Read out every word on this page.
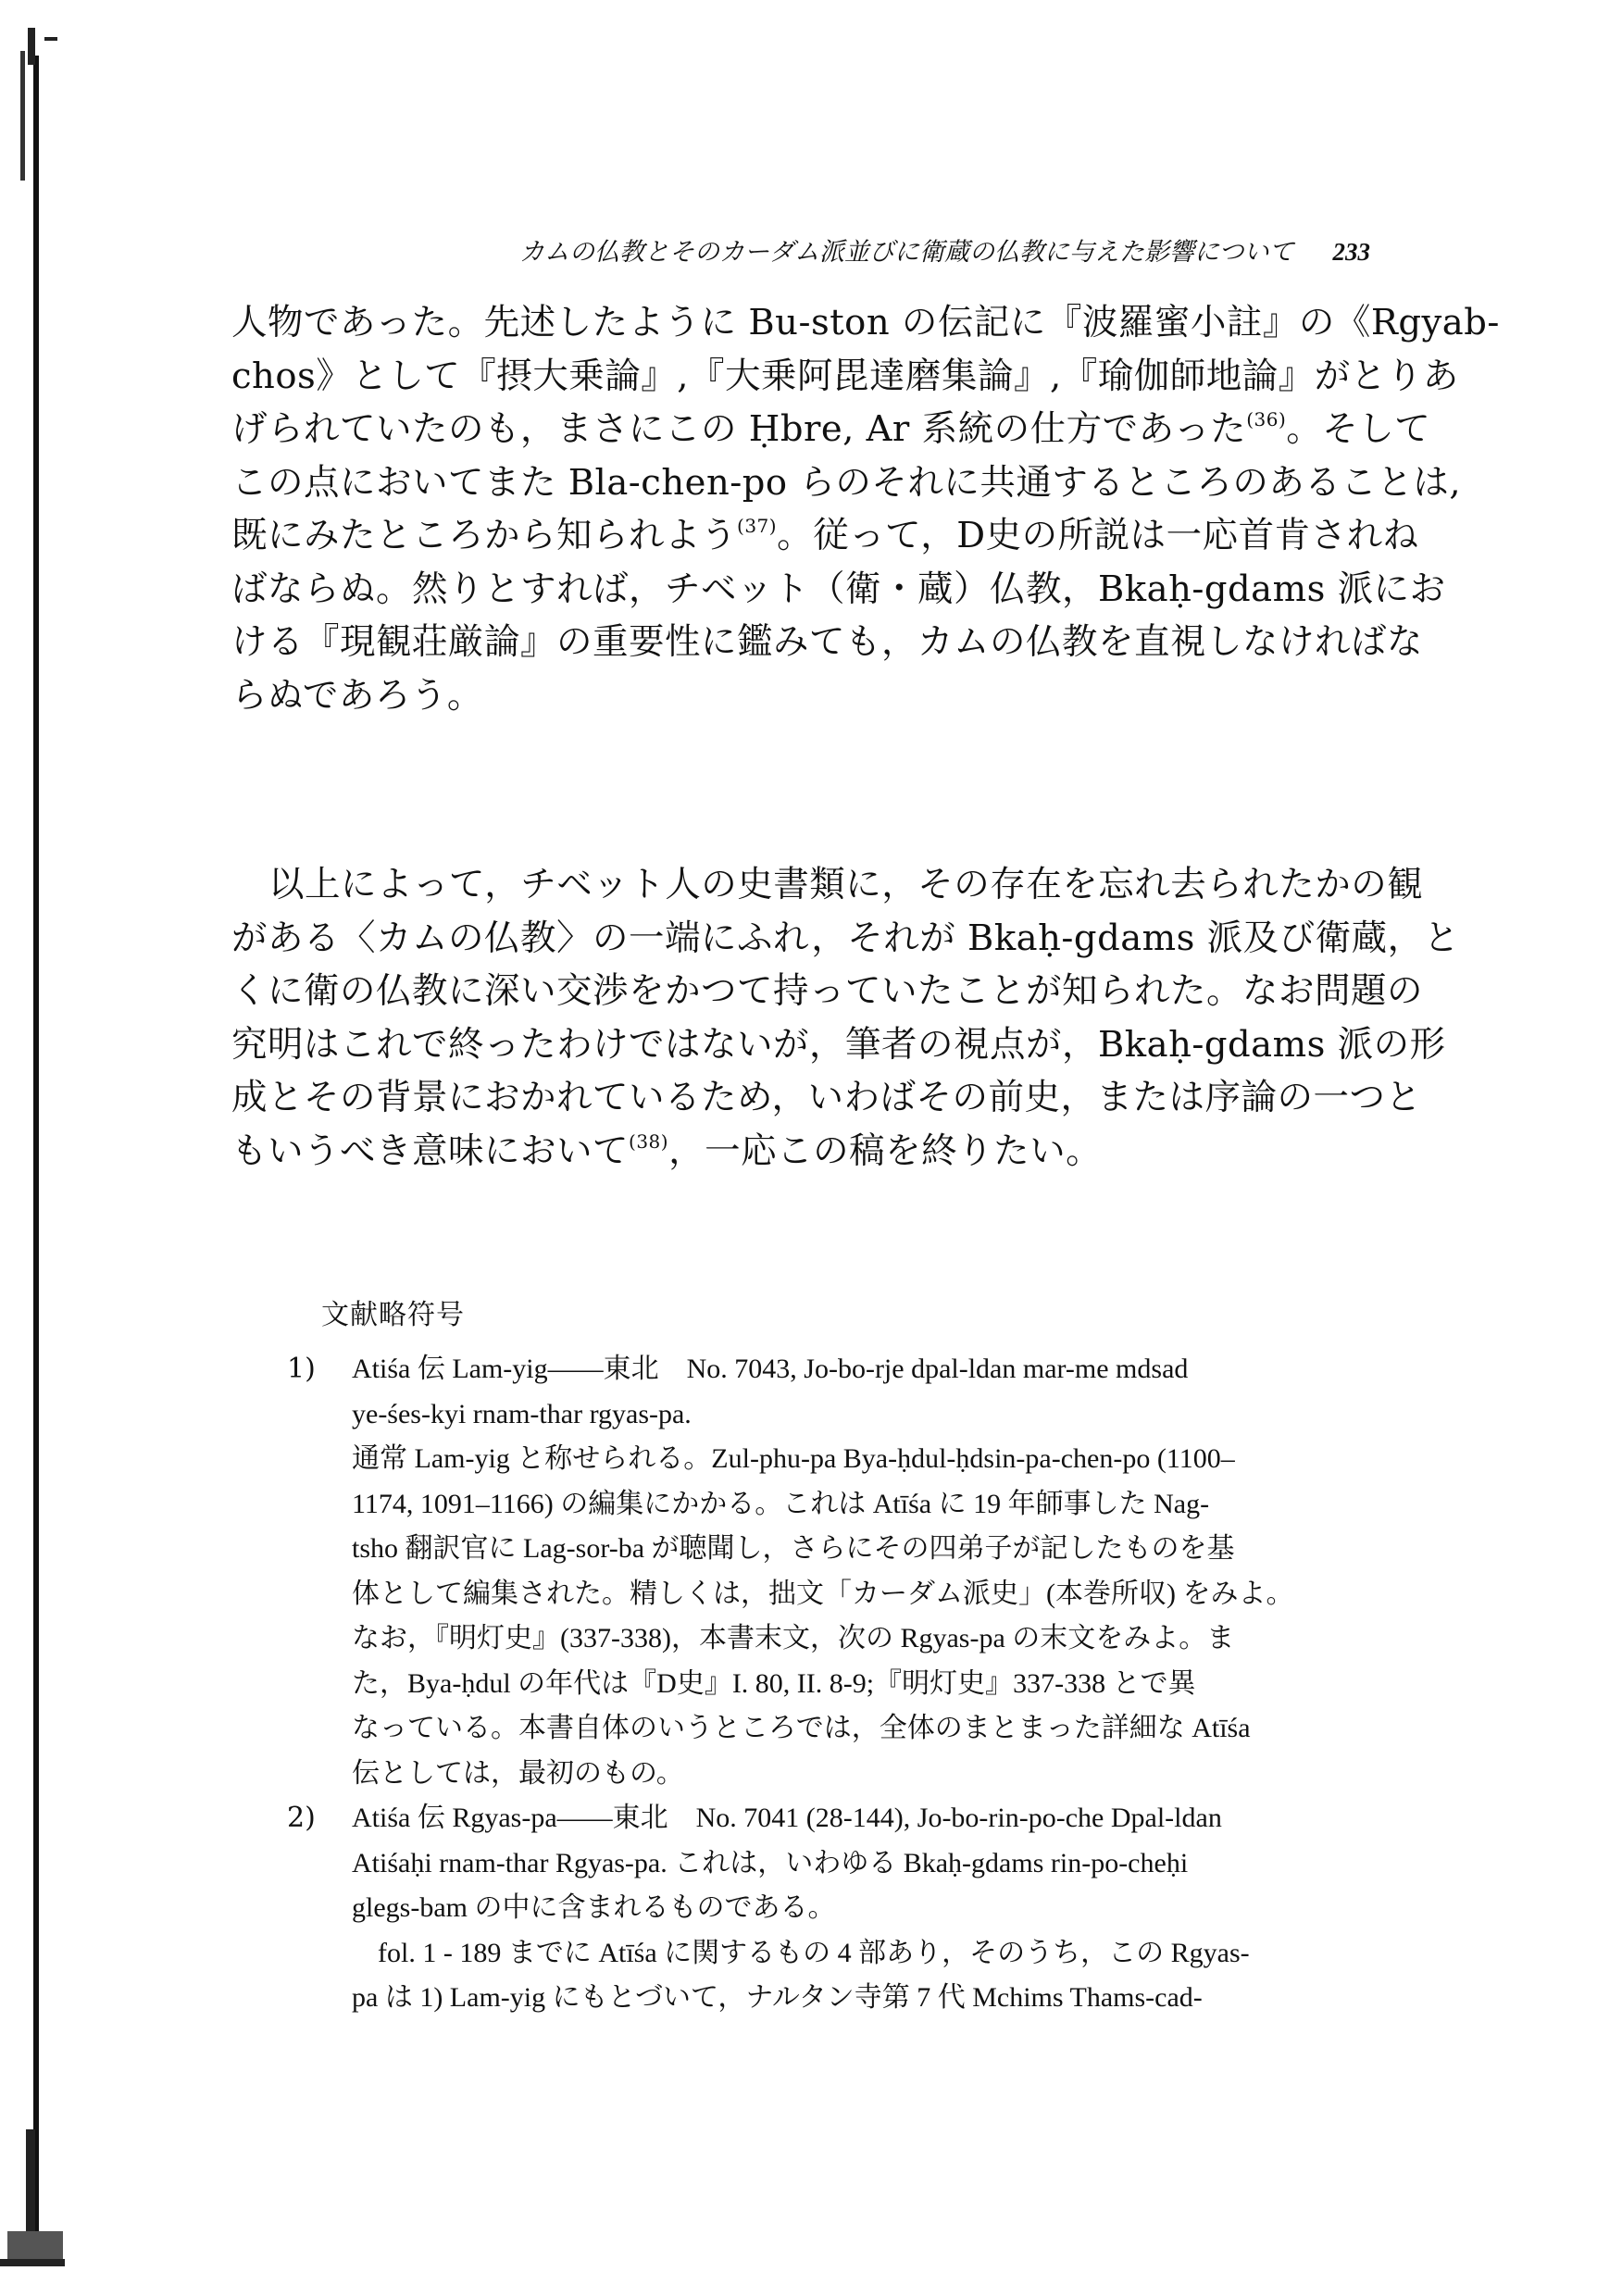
カムの仏教とそのカーダム派並びに衛蔵の仏教に与えた影響について 233

人物であった。先述したように Bu-ston の伝記に『波羅蜜小註』の《Rgyab-

chos》として『摂大乗論』,『大乗阿毘達磨集論』,『瑜伽師地論』がとりあ

げられていたのも，まさにこの Ḥbre, Ar 系統の仕方であった$^{(36)}$。そして

この点においてまた Bla-chen-po らのそれに共通するところのあることは,

既にみたところから知られよう$^{(37)}$。従って，D史の所説は一応首肯されね

ばならぬ。然りとすれば，チベット（衛・蔵）仏教，Bkaḥ-gdams 派にお

ける『現観荘厳論』の重要性に鑑みても，カムの仏教を直視しなければな

らぬであろう。

以上によって，チベット人の史書類に，その存在を忘れ去られたかの観

がある〈カムの仏教〉の一端にふれ，それが Bkaḥ-gdams 派及び衛蔵，と

くに衛の仏教に深い交渉をかつて持っていたことが知られた。なお問題の

究明はこれで終ったわけではないが，筆者の視点が，Bkaḥ-gdams 派の形

成とその背景におかれているため，いわばその前史，または序論の一つと

もいうべき意味において$^{(38)}$，一応この稿を終りたい。

文献略符号
1) Atiśa 伝 Lam-yig——東北　No. 7043, Jo-bo-rje dpal-ldan mar-me mdsad

ye-śes-kyi rnam-thar rgyas-pa.

通常 Lam-yig と称せられる。Zul-phu-pa Bya-ḥdul-ḥdsin-pa-chen-po (1100–

1174, 1091–1166) の編集にかかる。これは Atīśa に 19 年師事した Nag-

tsho 翻訳官に Lag-sor-ba が聴聞し，さらにその四弟子が記したものを基

体として編集された。精しくは，拙文「カーダム派史」(本巻所収) をみよ。

なお，『明灯史』(337-338)，本書末文，次の Rgyas-pa の末文をみよ。ま

た，Bya-ḥdul の年代は『D史』I. 80, II. 8-9;『明灯史』337-338 とで異

なっている。本書自体のいうところでは，全体のまとまった詳細な Atīśa

伝としては，最初のもの。

2) Atiśa 伝 Rgyas-pa——東北　No. 7041 (28-144), Jo-bo-rin-po-che Dpal-ldan

Atiśaḥi rnam-thar Rgyas-pa. これは，いわゆる Bkaḥ-gdams rin-po-cheḥi

glegs-bam の中に含まれるものである。

fol. 1 - 189 までに Atīśa に関するもの 4 部あり，そのうち，この Rgyas-

pa は 1) Lam-yig にもとづいて，ナルタン寺第 7 代 Mchims Thams-cad-
